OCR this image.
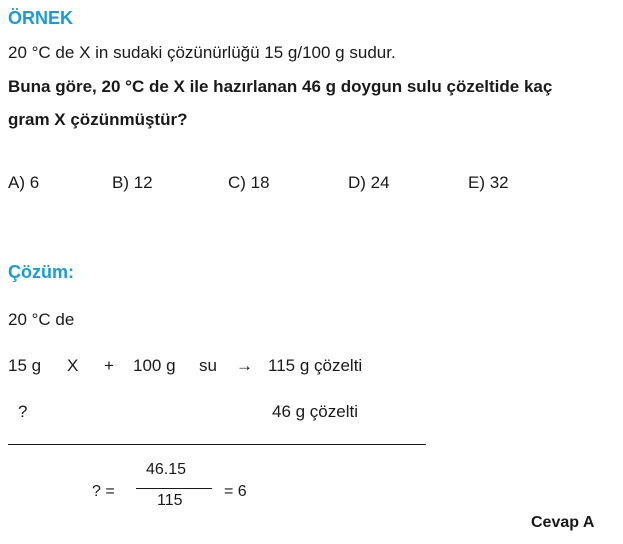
ÖRNEK
20 °C de X in sudaki çözünürlüğü 15 g/100 g sudur.
Buna göre, 20 °C de X ile hazırlanan 46 g doygun sulu çözeltide kaç
gram X çözünmüştür?
A) 6	B) 12	C) 18	D) 24	E) 32
Çözüm:
20 °C de
15 g X + 100 g su → 115 g çözelti
?	46 g çözelti
? =
46.15
115
= 6
Cevap A
